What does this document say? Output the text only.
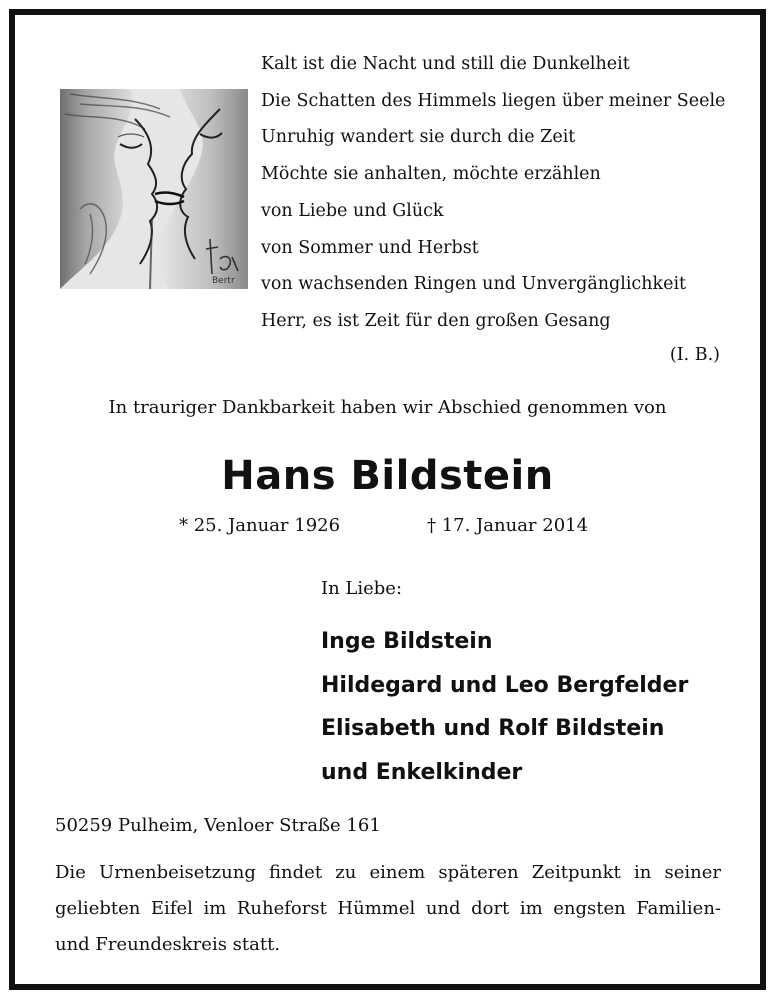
Bertr
Kalt ist die Nacht und still die Dunkelheit
Die Schatten des Himmels liegen über meiner Seele
Unruhig wandert sie durch die Zeit
Möchte sie anhalten, möchte erzählen
von Liebe und Glück
von Sommer und Herbst
von wachsenden Ringen und Unvergänglichkeit
Herr, es ist Zeit für den großen Gesang
(I. B.)
In trauriger Dankbarkeit haben wir Abschied genommen von
Hans Bildstein
* 25. Januar 1926	† 17. Januar 2014
In Liebe:
Inge Bildstein
Hildegard und Leo Bergfelder
Elisabeth und Rolf Bildstein
und Enkelkinder
50259 Pulheim, Venloer Straße 161
Die Urnenbeisetzung findet zu einem späteren Zeitpunkt in seiner
geliebten Eifel im Ruheforst Hümmel und dort im engsten Familien-
und Freundeskreis statt.
